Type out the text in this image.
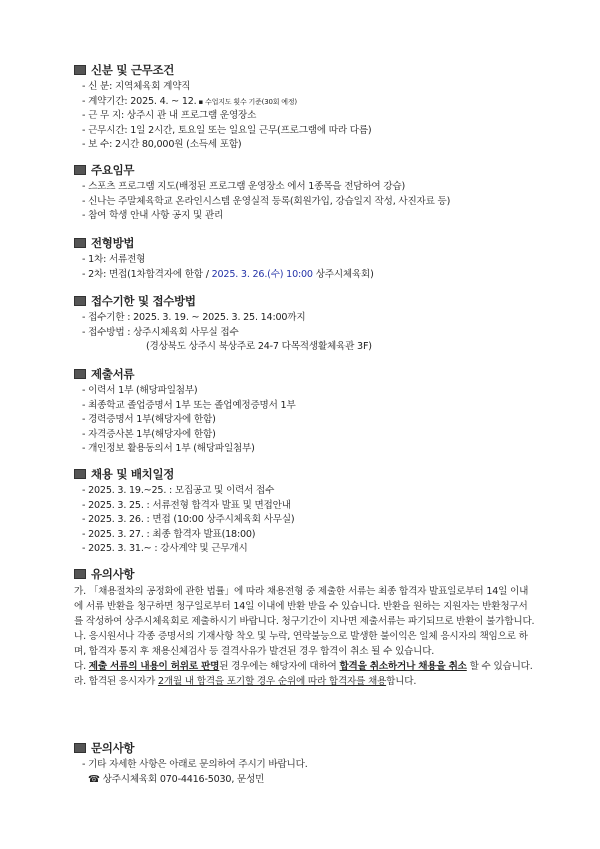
신분 및 근무조건
- 신 분: 지역체육회 계약직
- 계약기간: 2025. 4. ~ 12. ▪ 수업지도 횟수 기준(30회 예정)
- 근 무 지: 상주시 관 내 프로그램 운영장소
- 근무시간: 1일 2시간, 토요일 또는 일요일 근무(프로그램에 따라 다름)
- 보 수: 2시간 80,000원 (소득세 포함)
주요임무
- 스포츠 프로그램 지도(배정된 프로그램 운영장소 에서 1종목을 전담하여 강습)
- 신나는 주말체육학교 온라인시스템 운영실적 등록(회원가입, 강습일지 작성, 사진자료 등)
- 참여 학생 안내 사항 공지 및 관리
전형방법
- 1차: 서류전형
- 2차: 면접(1차합격자에 한함 / 2025. 3. 26.(수) 10:00 상주시체육회)
접수기한 및 접수방법
- 접수기한 : 2025. 3. 19. ~ 2025. 3. 25. 14:00까지
- 접수방법 : 상주시체육회 사무실 접수
(경상북도 상주시 북상주로 24-7 다목적생활체육관 3F)
제출서류
- 이력서 1부 (해당파일첨부)
- 최종학교 졸업증명서 1부 또는 졸업예정증명서 1부
- 경력증명서 1부(해당자에 한함)
- 자격증사본 1부(해당자에 한함)
- 개인정보 활용동의서 1부 (해당파일첨부)
채용 및 배치일정
- 2025. 3. 19.~25. : 모집공고 및 이력서 접수
- 2025. 3. 25. : 서류전형 합격자 발표 및 면접안내
- 2025. 3. 26. : 면접 (10:00 상주시체육회 사무실)
- 2025. 3. 27. : 최종 합격자 발표(18:00)
- 2025. 3. 31.~ : 강사계약 및 근무개시
유의사항
가. 「채용절차의 공정화에 관한 법률」에 따라 채용전형 중 제출한 서류는 최종 합격자 발표일로부터 14일 이내에 서류 반환을 청구하면 청구일로부터 14일 이내에 반환 받을 수 있습니다. 반환을 원하는 지원자는 반환청구서를 작성하여 상주시체육회로 제출하시기 바랍니다. 청구기간이 지나면 제출서류는 파기되므로 반환이 불가합니다.
나. 응시원서나 각종 증명서의 기재사항 착오 및 누락, 연락불능으로 발생한 불이익은 일체 응시자의 책임으로 하며, 합격자 통지 후 채용신체검사 등 결격사유가 발견된 경우 합격이 취소 될 수 있습니다.
다. 제출 서류의 내용이 허위로 판명된 경우에는 해당자에 대하여 합격을 취소하거나 채용을 취소 할 수 있습니다.
라. 합격된 응시자가 2개월 내 합격을 포기할 경우 순위에 따라 합격자를 채용합니다.
문의사항
- 기타 자세한 사항은 아래로 문의하여 주시기 바랍니다.
☎ 상주시체육회 070-4416-5030, 문성민
